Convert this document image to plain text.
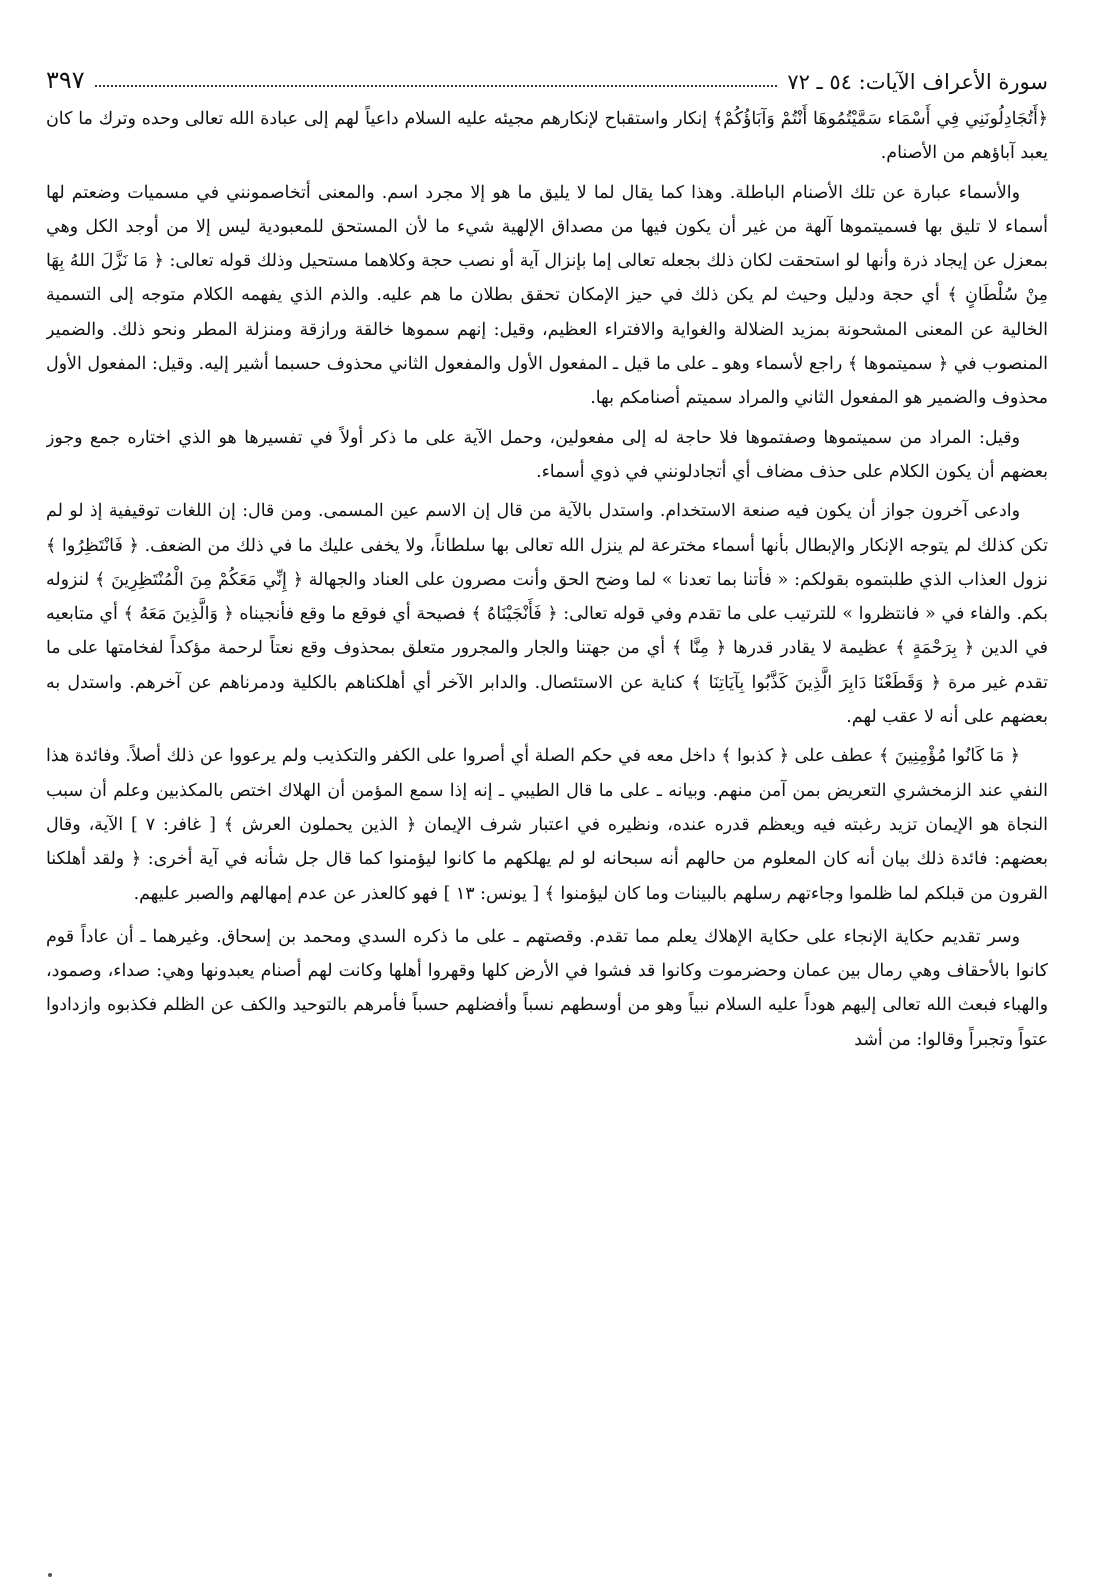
سورة الأعراف الآيات: ٥٤ ـ ٧٢
٣٩٧

﴿أَتُجَادِلُونَنِي فِي أَسْمَاء سَمَّيْتُمُوهَا أَنْتُمْ وَآبَاؤُكُمْ﴾ إنكار واستقباح لإنكارهم مجيئه عليه السلام داعياً لهم إلى عبادة الله تعالى وحده وترك ما كان يعبد آباؤهم من الأصنام.

والأسماء عبارة عن تلك الأصنام الباطلة. وهذا كما يقال لما لا يليق ما هو إلا مجرد اسم. والمعنى أتخاصمونني في مسميات وضعتم لها أسماء لا تليق بها فسميتموها آلهة من غير أن يكون فيها من مصداق الإلهية شيء ما لأن المستحق للمعبودية ليس إلا من أوجد الكل وهي بمعزل عن إيجاد ذرة وأنها لو استحقت لكان ذلك بجعله تعالى إما بإنزال آية أو نصب حجة وكلاهما مستحيل وذلك قوله تعالى: ﴿ مَا نَزَّلَ اللهُ بِهَا مِنْ سُلْطَانٍ ﴾ أي حجة ودليل وحيث لم يكن ذلك في حيز الإمكان تحقق بطلان ما هم عليه. والذم الذي يفهمه الكلام متوجه إلى التسمية الخالية عن المعنى المشحونة بمزيد الضلالة والغواية والافتراء العظيم، وقيل: إنهم سموها خالقة ورازقة ومنزلة المطر ونحو ذلك. والضمير المنصوب في ﴿ سميتموها ﴾ راجع لأسماء وهو ـ على ما قيل ـ المفعول الأول والمفعول الثاني محذوف حسبما أشير إليه. وقيل: المفعول الأول محذوف والضمير هو المفعول الثاني والمراد سميتم أصنامكم بها.

وقيل: المراد من سميتموها وصفتموها فلا حاجة له إلى مفعولين، وحمل الآية على ما ذكر أولاً في تفسيرها هو الذي اختاره جمع وجوز بعضهم أن يكون الكلام على حذف مضاف أي أتجادلونني في ذوي أسماء.

وادعى آخرون جواز أن يكون فيه صنعة الاستخدام. واستدل بالآية من قال إن الاسم عين المسمى. ومن قال: إن اللغات توقيفية إذ لو لم تكن كذلك لم يتوجه الإنكار والإبطال بأنها أسماء مخترعة لم ينزل الله تعالى بها سلطاناً، ولا يخفى عليك ما في ذلك من الضعف. ﴿ فَانْتَظِرُوا ﴾ نزول العذاب الذي طلبتموه بقولكم: « فأتنا بما تعدنا » لما وضح الحق وأنت مصرون على العناد والجهالة ﴿ إِنِّي مَعَكُمْ مِنَ الْمُنْتَظِرِينَ ﴾ لنزوله بكم. والفاء في « فانتظروا » للترتيب على ما تقدم وفي قوله تعالى: ﴿ فَأَنْجَيْنَاهُ ﴾ فصيحة أي فوقع ما وقع فأنجيناه ﴿ وَالَّذِينَ مَعَهُ ﴾ أي متابعيه في الدين ﴿ بِرَحْمَةٍ ﴾ عظيمة لا يقادر قدرها ﴿ مِنَّا ﴾ أي من جهتنا والجار والمجرور متعلق بمحذوف وقع نعتاً لرحمة مؤكداً لفخامتها على ما تقدم غير مرة ﴿ وَقَطَعْنَا دَابِرَ الَّذِينَ كَذَّبُوا بِآيَاتِنَا ﴾ كناية عن الاستئصال. والدابر الآخر أي أهلكناهم بالكلية ودمرناهم عن آخرهم. واستدل به بعضهم على أنه لا عقب لهم.

﴿ مَا كَانُوا مُؤْمِنِينَ ﴾ عطف على ﴿ كذبوا ﴾ داخل معه في حكم الصلة أي أصروا على الكفر والتكذيب ولم يرعووا عن ذلك أصلاً. وفائدة هذا النفي عند الزمخشري التعريض بمن آمن منهم. وبيانه ـ على ما قال الطيبي ـ إنه إذا سمع المؤمن أن الهلاك اختص بالمكذبين وعلم أن سبب النجاة هو الإيمان تزيد رغبته فيه ويعظم قدره عنده، ونظيره في اعتبار شرف الإيمان ﴿ الذين يحملون العرش ﴾ [ غافر: ٧ ] الآية، وقال بعضهم: فائدة ذلك بيان أنه كان المعلوم من حالهم أنه سبحانه لو لم يهلكهم ما كانوا ليؤمنوا كما قال جل شأنه في آية أخرى: ﴿ ولقد أهلكنا القرون من قبلكم لما ظلموا وجاءتهم رسلهم بالبينات وما كان ليؤمنوا ﴾ [ يونس: ١٣ ] فهو كالعذر عن عدم إمهالهم والصبر عليهم.

وسر تقديم حكاية الإنجاء على حكاية الإهلاك يعلم مما تقدم. وقصتهم ـ على ما ذكره السدي ومحمد بن إسحاق. وغيرهما ـ أن عاداً قوم كانوا بالأحقاف وهي رمال بين عمان وحضرموت وكانوا قد فشوا في الأرض كلها وقهروا أهلها وكانت لهم أصنام يعبدونها وهي: صداء، وصمود، والهباء فبعث الله تعالى إليهم هوداً عليه السلام نبياً وهو من أوسطهم نسباً وأفضلهم حسباً فأمرهم بالتوحيد والكف عن الظلم فكذبوه وازدادوا عتواً وتجبراً وقالوا: من أشد
